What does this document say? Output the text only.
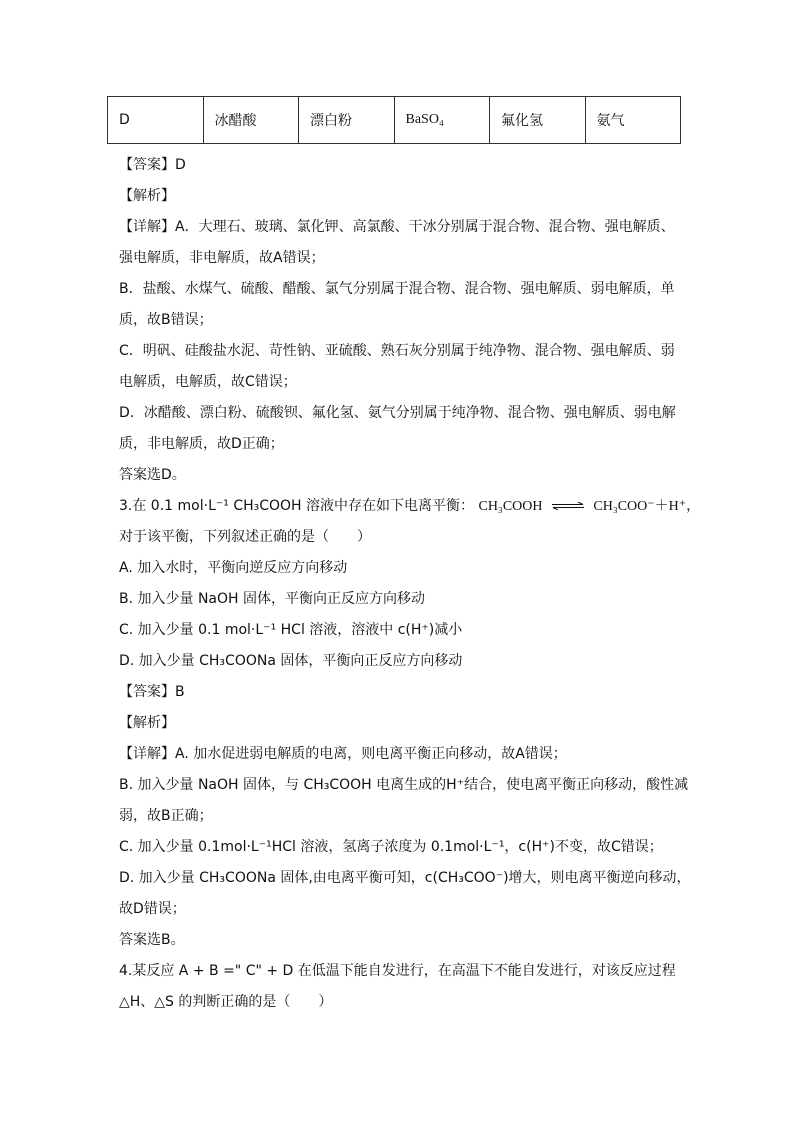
D	冰醋酸	漂白粉	BaSO₄	氟化氢	氨气

【答案】D

【解析】

【详解】A．大理石、玻璃、氯化钾、高氯酸、干冰分别属于混合物、混合物、强电解质、

强电解质，非电解质，故A错误；

B．盐酸、水煤气、硫酸、醋酸、氯气分别属于混合物、混合物、强电解质、弱电解质，单

质，故B错误；

C．明矾、硅酸盐水泥、苛性钠、亚硫酸、熟石灰分别属于纯净物、混合物、强电解质、弱

电解质，电解质，故C错误；

D．冰醋酸、漂白粉、硫酸钡、氟化氢、氨气分别属于纯净物、混合物、强电解质、弱电解

质，非电解质，故D正确；

答案选D。

3.在 0.1 mol·L⁻¹ CH₃COOH 溶液中存在如下电离平衡： CH₃COOH ⇌ CH₃COO⁻＋H⁺，

对于该平衡，下列叙述正确的是（　　）

A. 加入水时，平衡向逆反应方向移动

B. 加入少量 NaOH 固体，平衡向正反应方向移动

C. 加入少量 0.1 mol·L⁻¹ HCl 溶液，溶液中 c(H⁺)减小

D. 加入少量 CH₃COONa 固体，平衡向正反应方向移动

【答案】B

【解析】

【详解】A. 加水促进弱电解质的电离，则电离平衡正向移动，故A错误；

B. 加入少量 NaOH 固体，与 CH₃COOH 电离生成的H⁺结合，使电离平衡正向移动，酸性减

弱，故B正确；

C. 加入少量 0.1mol·L⁻¹HCl 溶液，氢离子浓度为 0.1mol·L⁻¹，c(H⁺)不变，故C错误；

D. 加入少量 CH₃COONa 固体,由电离平衡可知，c(CH₃COO⁻)增大，则电离平衡逆向移动，

故D错误；

答案选B。

4.某反应 A + B =" C" + D 在低温下能自发进行，在高温下不能自发进行，对该反应过程

△H、△S 的判断正确的是（　　）
